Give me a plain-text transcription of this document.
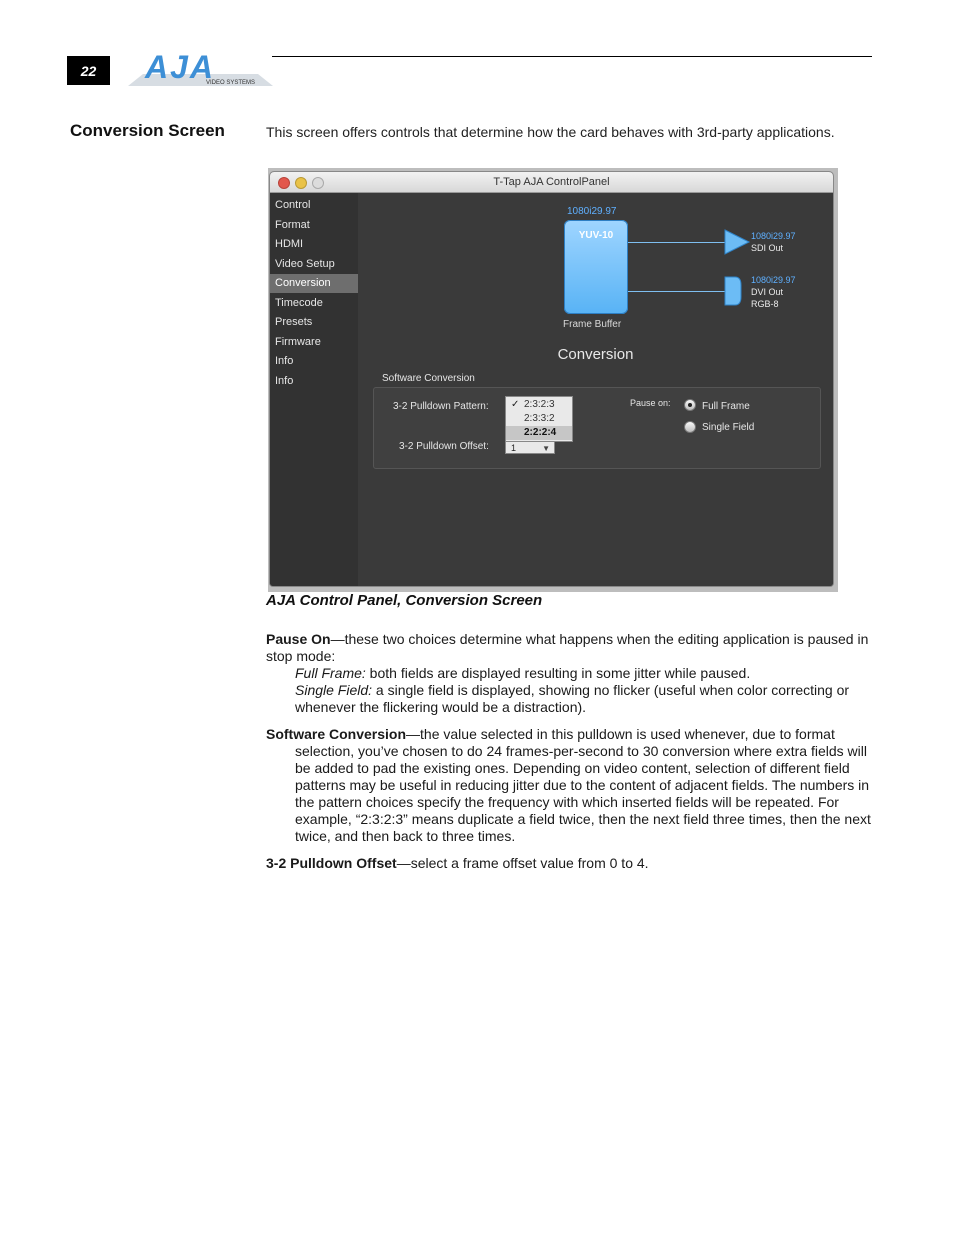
22	AJA
VIDEO SYSTEMS
Conversion Screen	This screen offers controls that determine how the card behaves with 3rd-party applications.
T-Tap AJA ControlPanel
Control
Format
HDMI
Video Setup
Conversion
Timecode
Presets
Firmware
Info
Info
1080i29.97
YUV-10
Frame Buffer
1080i29.97
SDI Out
1080i29.97
DVI Out
RGB-8
Conversion
Software Conversion
3-2 Pulldown Pattern: ✓ 2:3:2:3
2:3:3:2
2:2:2:4
3-2 Pulldown Offset:	1	▼
Pause on:	Full Frame
Single Field
AJA Control Panel, Conversion Screen
Pause On—these two choices determine what happens when the editing application is paused in stop mode:
Full Frame: both fields are displayed resulting in some jitter while paused.
Single Field: a single field is displayed, showing no flicker (useful when color correcting or whenever the flickering would be a distraction).
Software Conversion—the value selected in this pulldown is used whenever, due to format selection, you’ve chosen to do 24 frames-per-second to 30 conversion where extra fields will be added to pad the existing ones. Depending on video content, selection of different field patterns may be useful in reducing jitter due to the content of adjacent fields. The numbers in the pattern choices specify the frequency with which inserted fields will be repeated. For example, “2:3:2:3” means duplicate a field twice, then the next field three times, then the next twice, and then back to three times.
3-2 Pulldown Offset—select a frame offset value from 0 to 4.
